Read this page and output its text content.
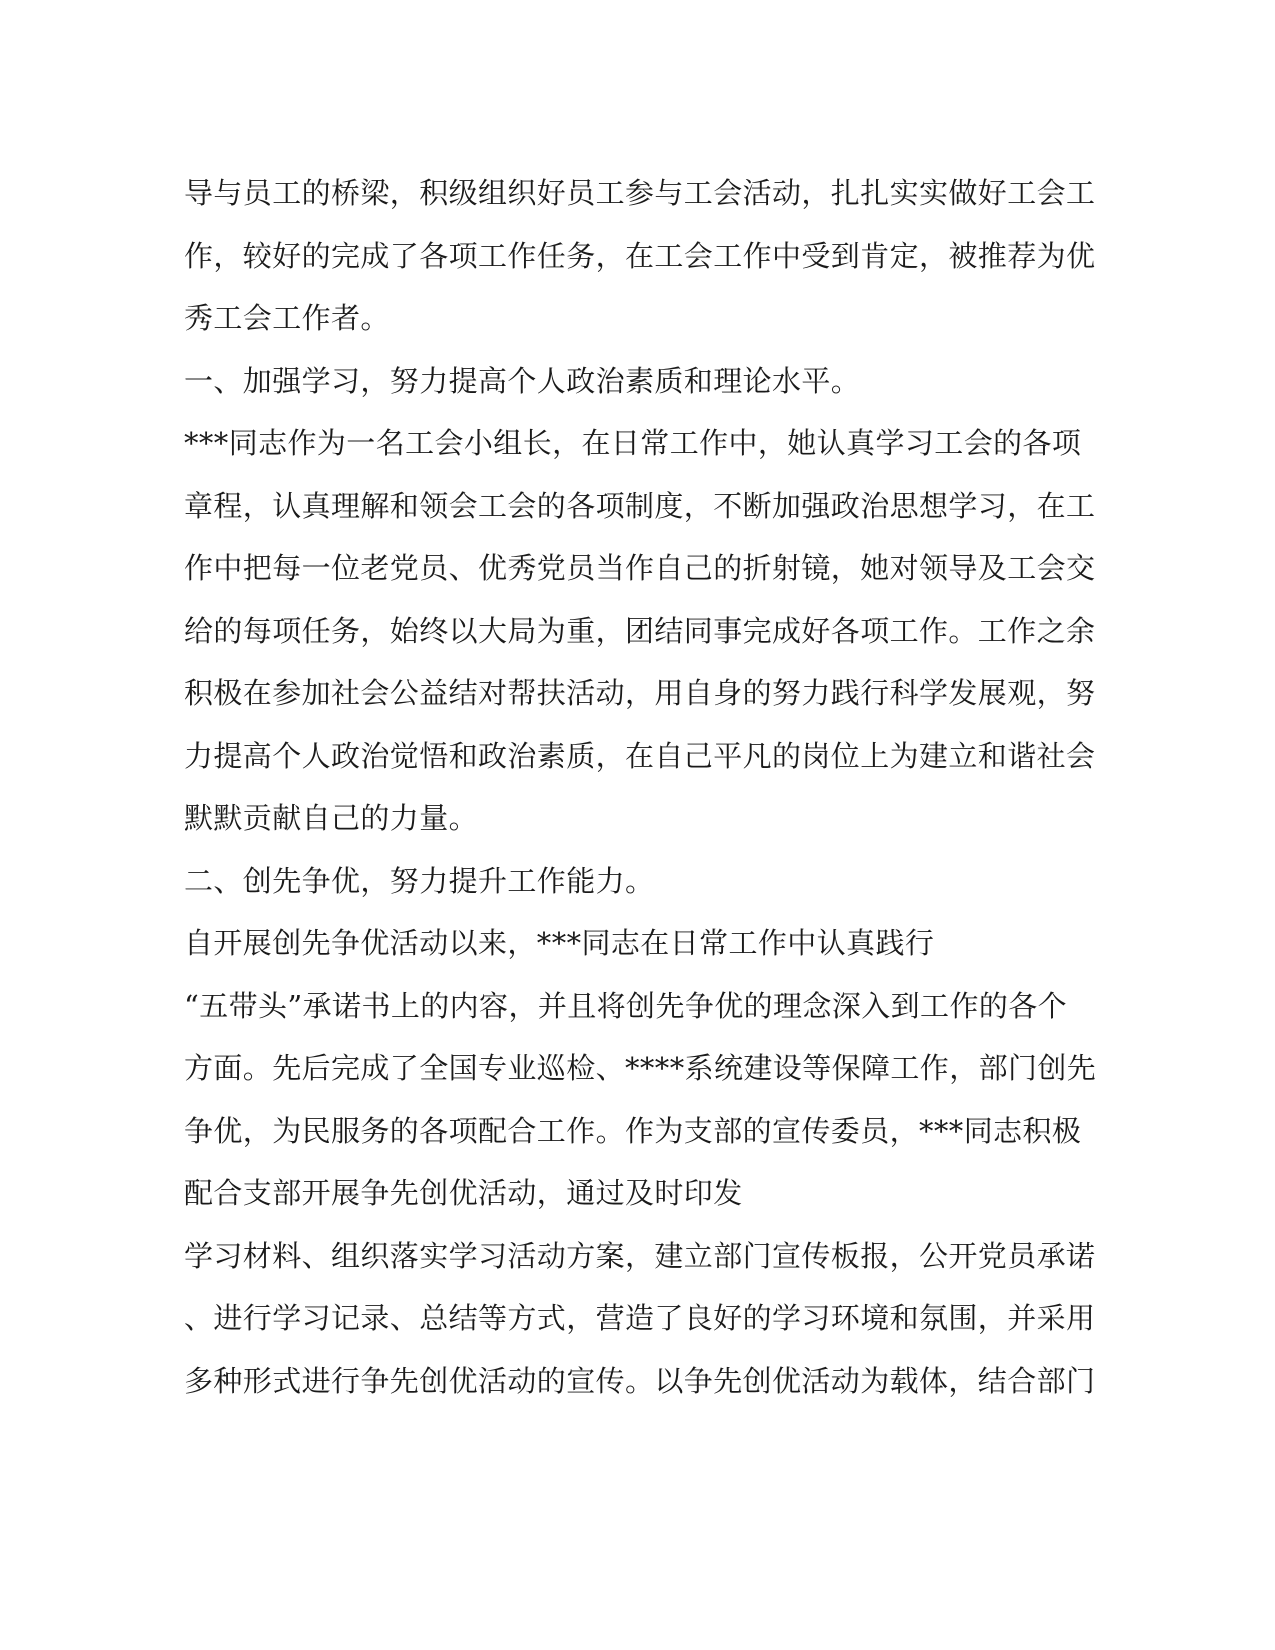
导与员工的桥梁，积级组织好员工参与工会活动，扎扎实实做好工会工
作，较好的完成了各项工作任务，在工会工作中受到肯定，被推荐为优
秀工会工作者。
一、加强学习，努力提高个人政治素质和理论水平。
***同志作为一名工会小组长，在日常工作中，她认真学习工会的各项
章程，认真理解和领会工会的各项制度，不断加强政治思想学习，在工
作中把每一位老党员、优秀党员当作自己的折射镜，她对领导及工会交
给的每项任务，始终以大局为重，团结同事完成好各项工作。工作之余
积极在参加社会公益结对帮扶活动，用自身的努力践行科学发展观，努
力提高个人政治觉悟和政治素质，在自己平凡的岗位上为建立和谐社会
默默贡献自己的力量。
二、创先争优，努力提升工作能力。
自开展创先争优活动以来，***同志在日常工作中认真践行
“五带头”承诺书上的内容，并且将创先争优的理念深入到工作的各个
方面。先后完成了全国专业巡检、****系统建设等保障工作，部门创先
争优，为民服务的各项配合工作。作为支部的宣传委员，***同志积极
配合支部开展争先创优活动，通过及时印发
学习材料、组织落实学习活动方案，建立部门宣传板报，公开党员承诺
、进行学习记录、总结等方式，营造了良好的学习环境和氛围，并采用
多种形式进行争先创优活动的宣传。以争先创优活动为载体，结合部门
